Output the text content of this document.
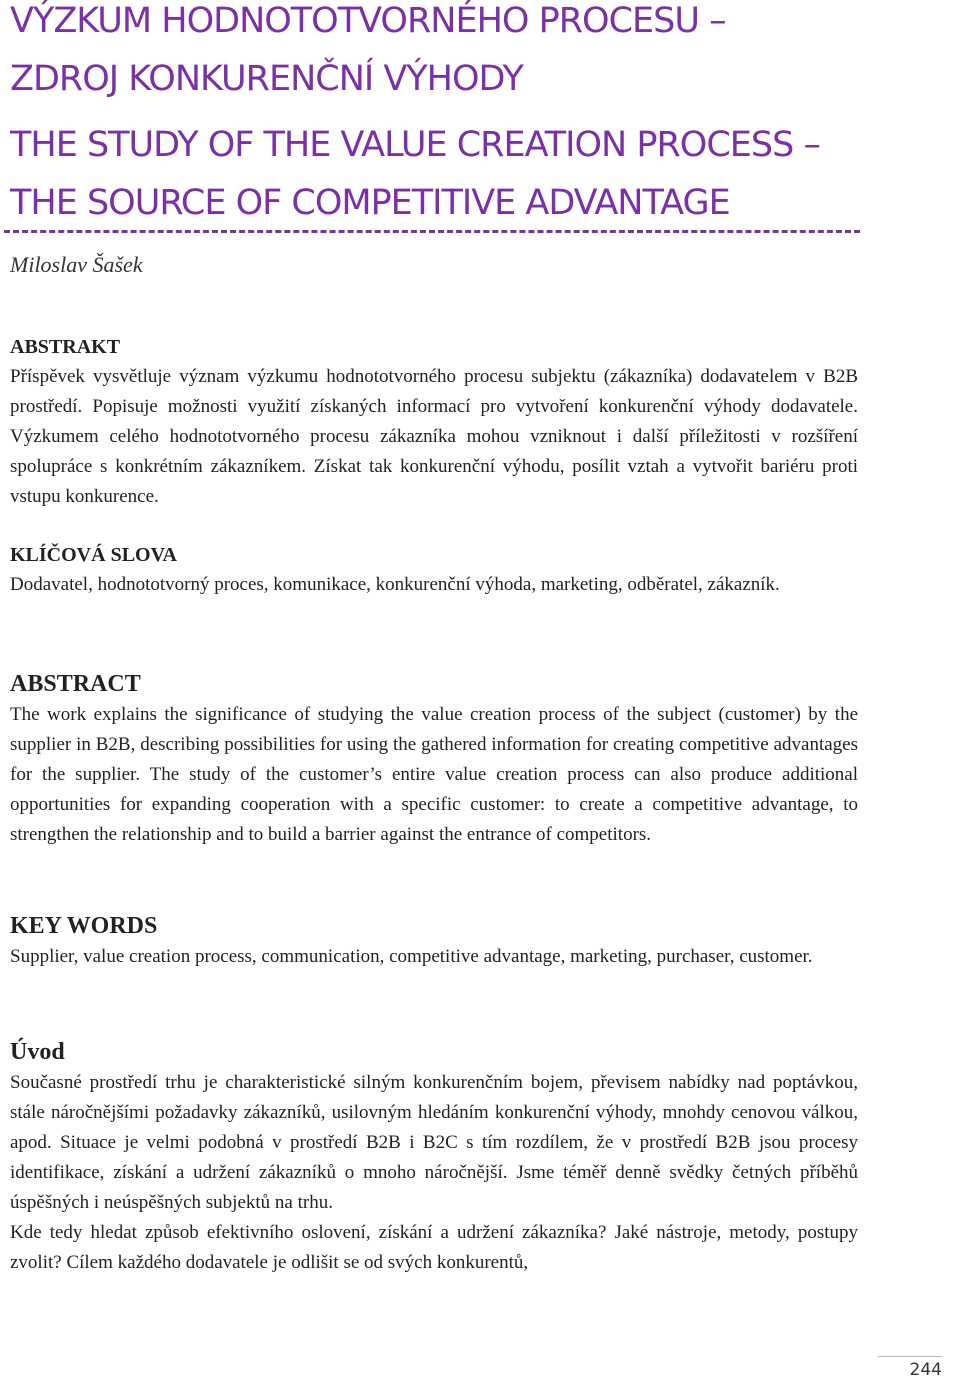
VÝZKUM HODNOTOTVORNÉHO PROCESU –
ZDROJ KONKURENČNÍ VÝHODY
THE STUDY OF THE VALUE CREATION PROCESS –
THE SOURCE OF COMPETITIVE ADVANTAGE
Miloslav Šašek
ABSTRAKT

Příspěvek vysvětluje význam výzkumu hodnototvorného procesu subjektu (zákazníka) dodavatelem v B2B prostředí. Popisuje možnosti využití získaných informací pro vytvoření konkurenční výhody dodavatele. Výzkumem celého hodnototvorného procesu zákazníka mohou vzniknout i další příležitosti v rozšíření spolupráce s konkrétním zákazníkem. Získat tak konkurenční výhodu, posílit vztah a vytvořit bariéru proti vstupu konkurence.

KLÍČOVÁ SLOVA

Dodavatel, hodnototvorný proces, komunikace, konkurenční výhoda, marketing, odběratel, zákazník.

ABSTRACT

The work explains the significance of studying the value creation process of the subject (customer) by the supplier in B2B, describing possibilities for using the gathered information for creating competitive advantages for the supplier. The study of the customer’s entire value creation process can also produce additional opportunities for expanding cooperation with a specific customer: to create a competitive advantage, to strengthen the relationship and to build a barrier against the entrance of competitors.

KEY WORDS

Supplier, value creation process, communication, competitive advantage, marketing, purchaser, customer.

Úvod

Současné prostředí trhu je charakteristické silným konkurenčním bojem, převisem nabídky nad poptávkou, stále náročnějšími požadavky zákazníků, usilovným hledáním konkurenční výhody, mnohdy cenovou válkou, apod. Situace je velmi podobná v prostředí B2B i B2C s tím rozdílem, že v prostředí B2B jsou procesy identifikace, získání a udržení zákazníků o mnoho náročnější. Jsme téměř denně svědky četných příběhů úspěšných i neúspěšných subjektů na trhu.

Kde tedy hledat způsob efektivního oslovení, získání a udržení zákazníka? Jaké nástroje, metody, postupy zvolit? Cílem každého dodavatele je odlišit se od svých konkurentů,

244
